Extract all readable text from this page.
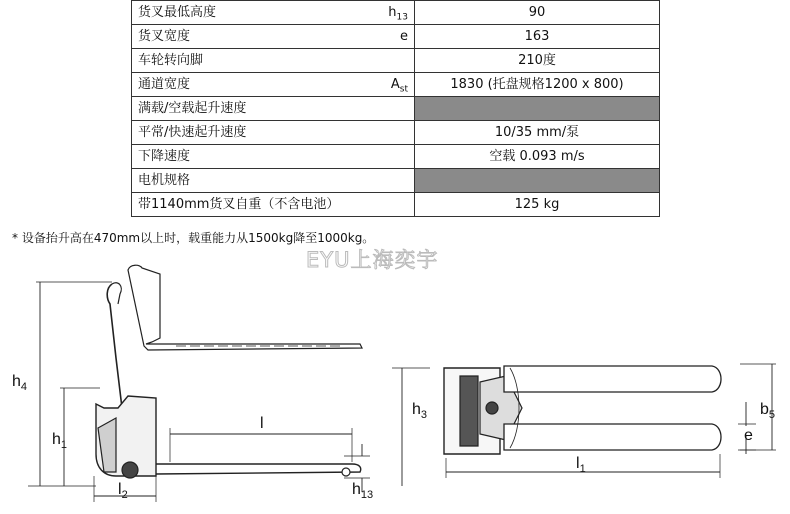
货叉最低高度 $h_{13}$	90
货叉宽度 e	163
车轮转向脚	210度
通道宽度 $A_{st}$	1830 (托盘规格1200 x 800)
满载/空载起升速度	
平常/快速起升速度	10/35 mm/泵
下降速度	空载 0.093 m/s
电机规格	
带1140mm货叉自重（不含电池）	125 kg
* 设备抬升高在470mm以上时，载重能力从1500kg降至1000kg。
EYU上海奕宇
$h_4$
$h_1$
l
$l_2$	$h_{13}$
$h_3$
$l_1$
$b_5$
e
